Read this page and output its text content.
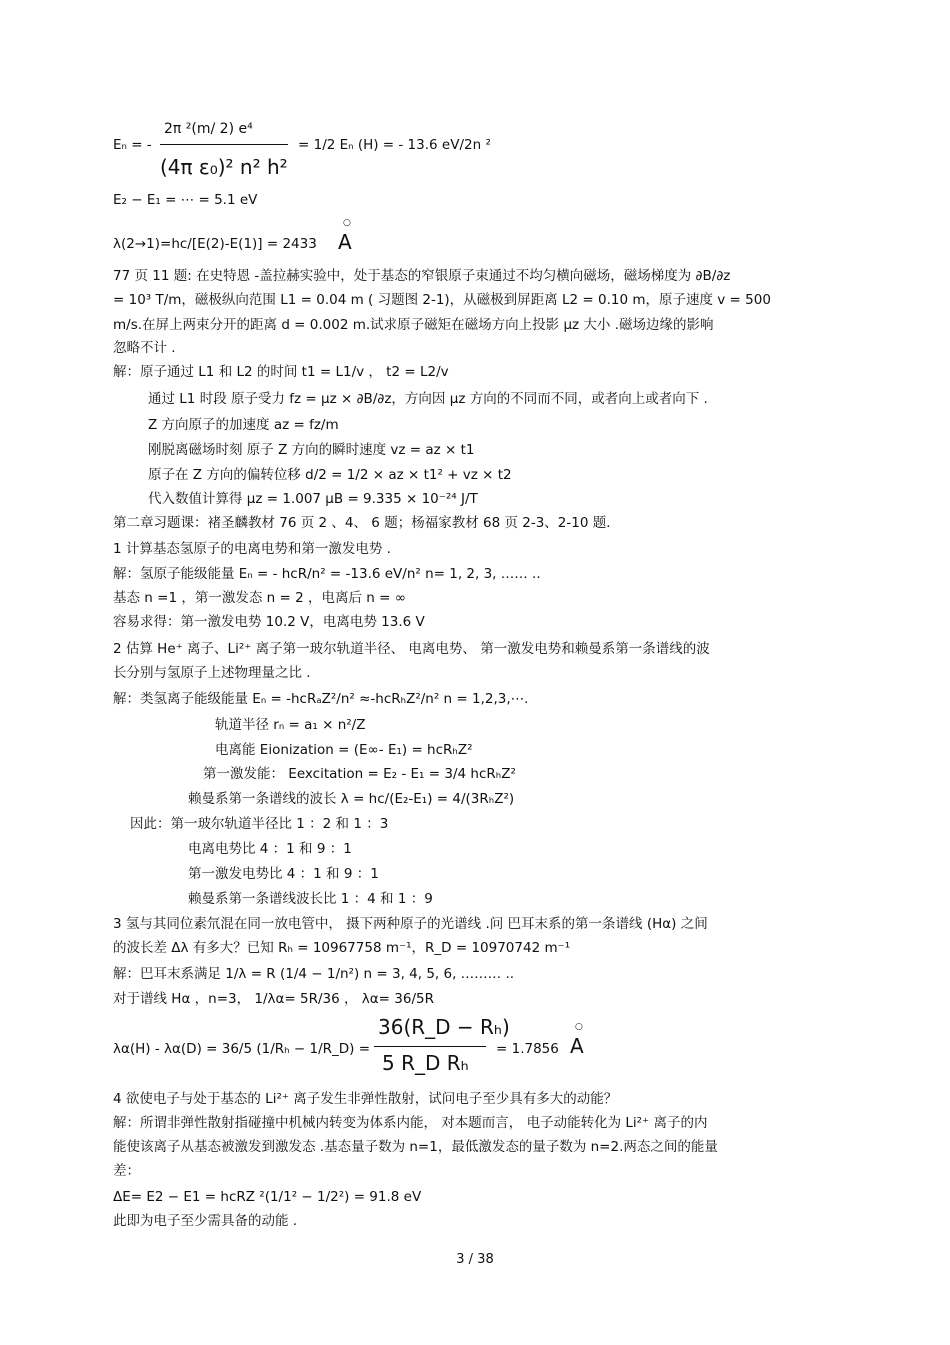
2π ²(m/ 2) e⁴
Eₙ = -
(4π ε₀)² n² h²
= 1/2 Eₙ (H) = - 13.6 eV/2n ²
E₂ − E₁ = ⋯ = 5.1 eV
λ(2→1)=hc/[E(2)-E(1)] = 2433
○
A
77 页 11 题: 在史特恩 -盖拉赫实验中，处于基态的窄银原子束通过不均匀横向磁场，磁场梯度为 ∂B/∂z
= 10³ T/m，磁极纵向范围 L1 = 0.04 m ( 习题图 2-1)，从磁极到屏距离 L2 = 0.10 m，原子速度 v = 500
m/s.在屏上两束分开的距离 d = 0.002 m.试求原子磁矩在磁场方向上投影 μz 大小 .磁场边缘的影响
忽略不计 .
解：原子通过 L1 和 L2 的时间 t1 = L1/v ， t2 = L2/v
通过 L1 时段 原子受力 fz = μz × ∂B/∂z，方向因 μz 方向的不同而不同，或者向上或者向下 .
Z 方向原子的加速度 az = fz/m
刚脱离磁场时刻 原子 Z 方向的瞬时速度 vz = az × t1
原子在 Z 方向的偏转位移 d/2 = 1/2 × az × t1² + vz × t2
代入数值计算得 μz = 1.007 μB = 9.335 × 10⁻²⁴ J/T
第二章习题课：褚圣麟教材 76 页 2 、4、 6 题；杨福家教材 68 页 2-3、2-10 题.
1 计算基态氢原子的电离电势和第一激发电势 .
解：氢原子能级能量 Eₙ = - hcR/n² = -13.6 eV/n² n= 1, 2, 3, …… ..
基态 n =1 ，第一激发态 n = 2 ，电离后 n = ∞
容易求得：第一激发电势 10.2 V，电离电势 13.6 V
2 估算 He⁺ 离子、Li²⁺ 离子第一玻尔轨道半径、 电离电势、 第一激发电势和赖曼系第一条谱线的波
长分别与氢原子上述物理量之比 .
解：类氢离子能级能量 Eₙ = -hcRₐZ²/n² ≈-hcRₕZ²/n² n = 1,2,3,⋯.
轨道半径 rₙ = a₁ × n²/Z
电离能 Eionization = (E∞- E₁) = hcRₕZ²
第一激发能： Eexcitation = E₂ - E₁ = 3/4 hcRₕZ²
赖曼系第一条谱线的波长 λ = hc/(E₂-E₁) = 4/(3RₕZ²)
因此：第一玻尔轨道半径比 1 ：2 和 1 ：3
电离电势比 4 ：1 和 9 ：1
第一激发电势比 4 ：1 和 9 ：1
赖曼系第一条谱线波长比 1 ：4 和 1 ：9
3 氢与其同位素氘混在同一放电管中， 摄下两种原子的光谱线 .问 巴耳末系的第一条谱线 (Hα) 之间
的波长差 Δλ 有多大？已知 Rₕ = 10967758 m⁻¹，R_D = 10970742 m⁻¹
解：巴耳末系满足 1/λ = R (1/4 − 1/n²) n = 3, 4, 5, 6, ……… ..
对于谱线 Hα ，n=3， 1/λα= 5R/36 ， λα= 36/5R
λα(H) - λα(D) = 36/5 (1/Rₕ − 1/R_D) =
36(R_D − Rₕ)
5 R_D Rₕ
= 1.7856
○
A
4 欲使电子与处于基态的 Li²⁺ 离子发生非弹性散射，试问电子至少具有多大的动能？
解：所谓非弹性散射指碰撞中机械内转变为体系内能， 对本题而言， 电子动能转化为 Li²⁺ 离子的内
能使该离子从基态被激发到激发态 .基态量子数为 n=1，最低激发态的量子数为 n=2.两态之间的能量
差：
ΔE= E2 − E1 = hcRZ ²(1/1² − 1/2²) = 91.8 eV
此即为电子至少需具备的动能 .
3 / 38
